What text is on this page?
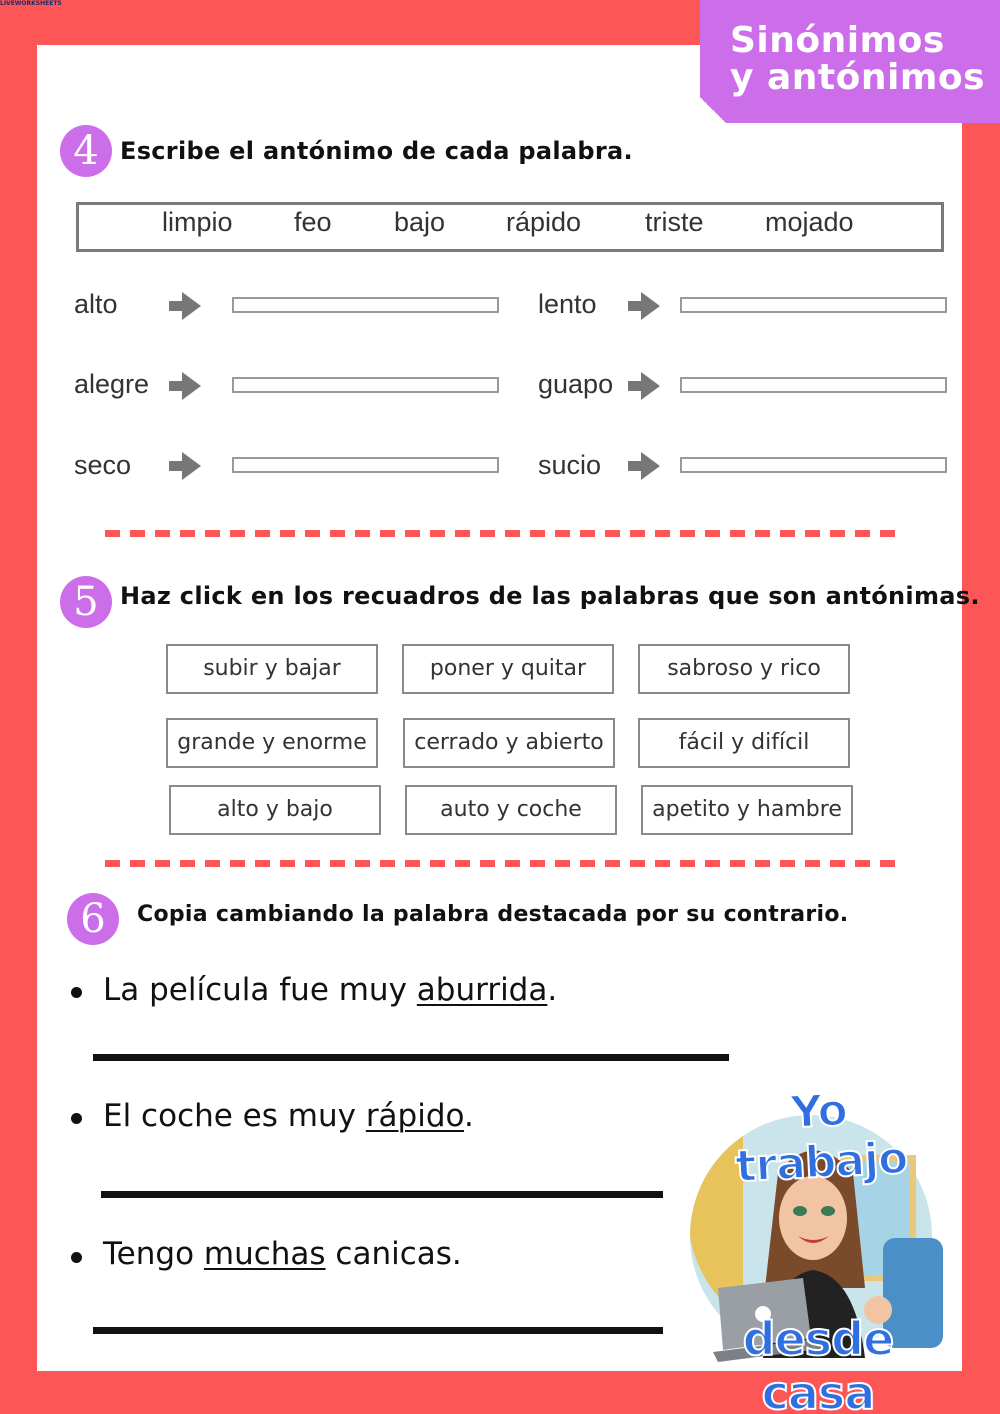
LIVEWORKSHEETS
Sinónimos
y antónimos
4 Escribe el antónimo de cada palabra.
limpio feo bajo rápido triste mojado
alto	lento
alegre	guapo
seco	sucio
5 Haz click en los recuadros de las palabras que son antónimas.
subir y bajar	poner y quitar	sabroso y rico
grande y enorme	cerrado y abierto	fácil y difícil
alto y bajo	auto y coche	apetito y hambre
6	Copia cambiando la palabra destacada por su contrario.
La película fue muy aburrida.
El coche es muy rápido.
Tengo muchas canicas.
Yo trabajo
desde casa
